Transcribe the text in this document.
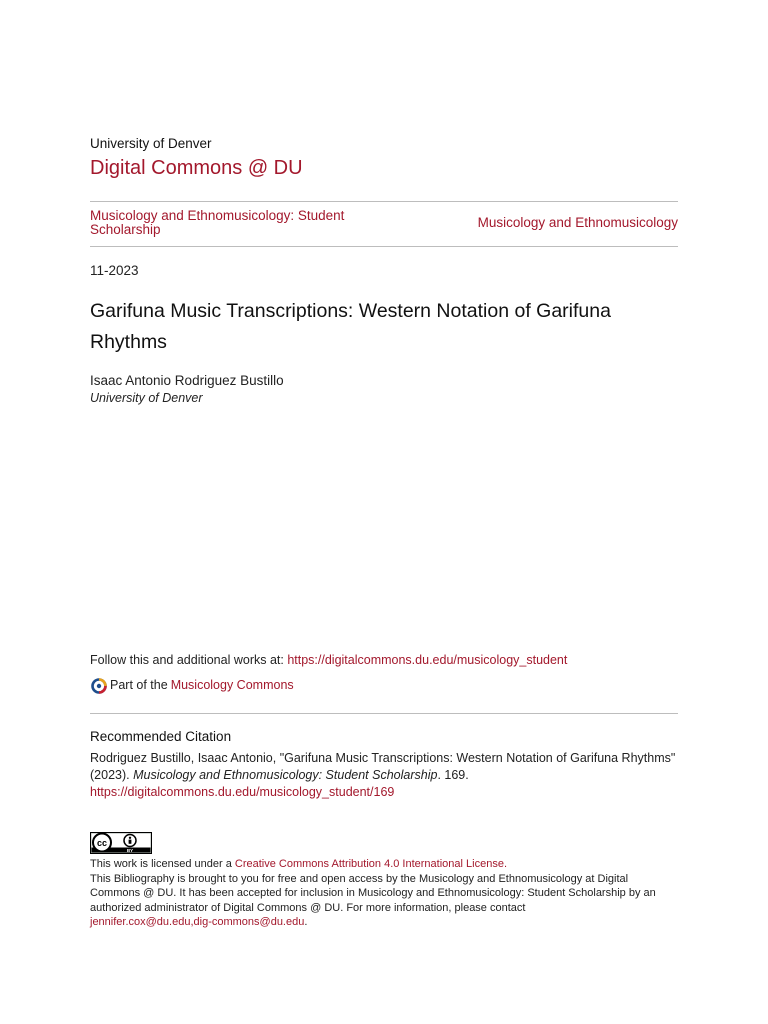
University of Denver
Digital Commons @ DU
Musicology and Ethnomusicology: Student Scholarship	Musicology and Ethnomusicology
11-2023
Garifuna Music Transcriptions: Western Notation of Garifuna Rhythms
Isaac Antonio Rodriguez Bustillo
University of Denver
Follow this and additional works at: https://digitalcommons.du.edu/musicology_student
Part of the Musicology Commons
Recommended Citation
Rodriguez Bustillo, Isaac Antonio, "Garifuna Music Transcriptions: Western Notation of Garifuna Rhythms" (2023). Musicology and Ethnomusicology: Student Scholarship. 169.
https://digitalcommons.du.edu/musicology_student/169
cc
BY
This work is licensed under a Creative Commons Attribution 4.0 International License.
This Bibliography is brought to you for free and open access by the Musicology and Ethnomusicology at Digital Commons @ DU. It has been accepted for inclusion in Musicology and Ethnomusicology: Student Scholarship by an authorized administrator of Digital Commons @ DU. For more information, please contact
jennifer.cox@du.edu,dig-commons@du.edu.
